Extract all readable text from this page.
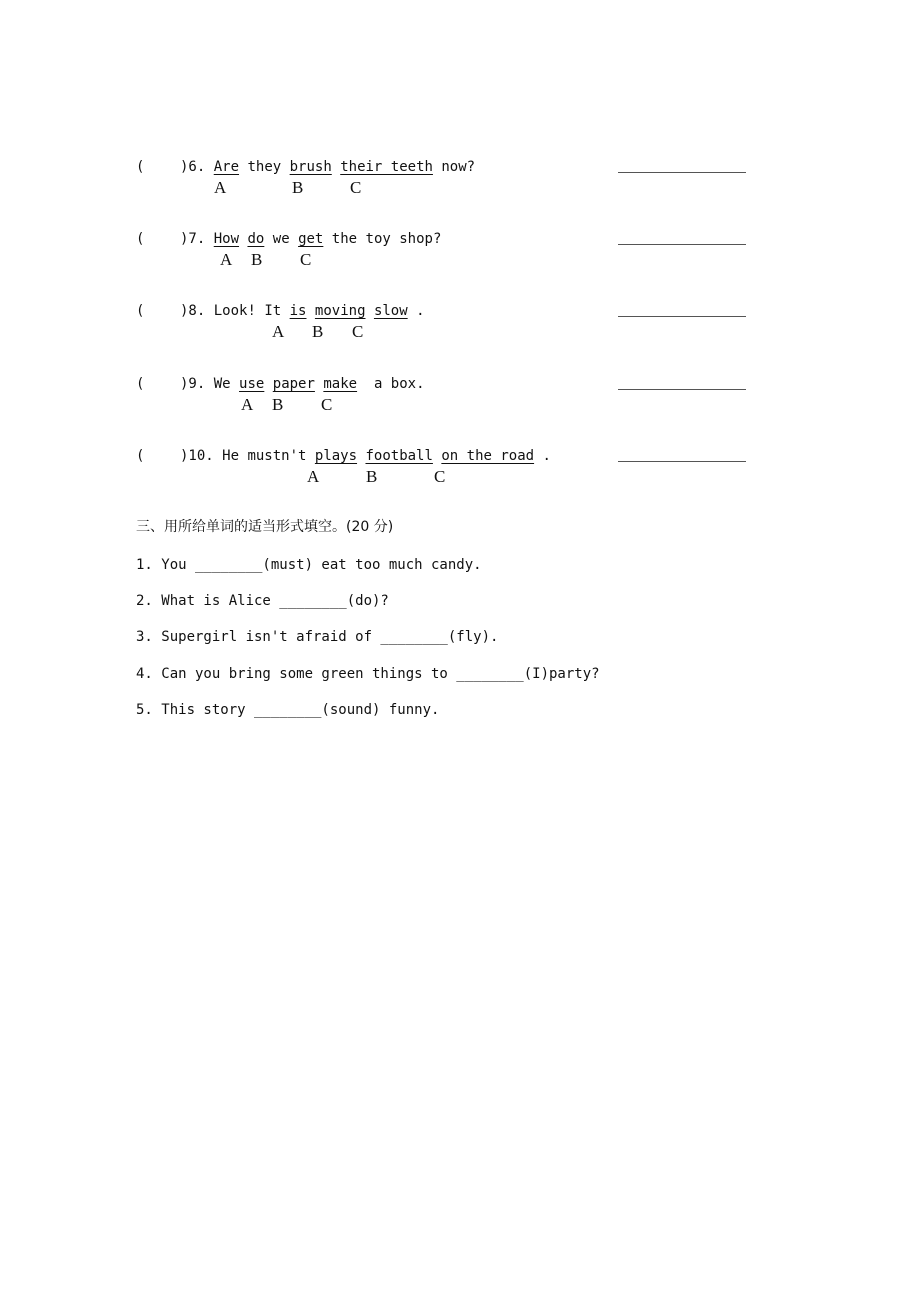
(	)6. Are they brush their teeth now?
A	B	C
(	)7. How do we get the toy shop?
A B C
(	)8. Look! It is moving slow .
A B C
(	)9. We use paper make a box.
A B C
(	)10. He mustn't plays football on the road .
A	B	C
三、用所给单词的适当形式填空。(20 分)
1. You ________(must) eat too much candy.
2. What is Alice ________(do)?
3. Supergirl isn't afraid of ________(fly).
4. Can you bring some green things to ________(I)party?
5. This story ________(sound) funny.
